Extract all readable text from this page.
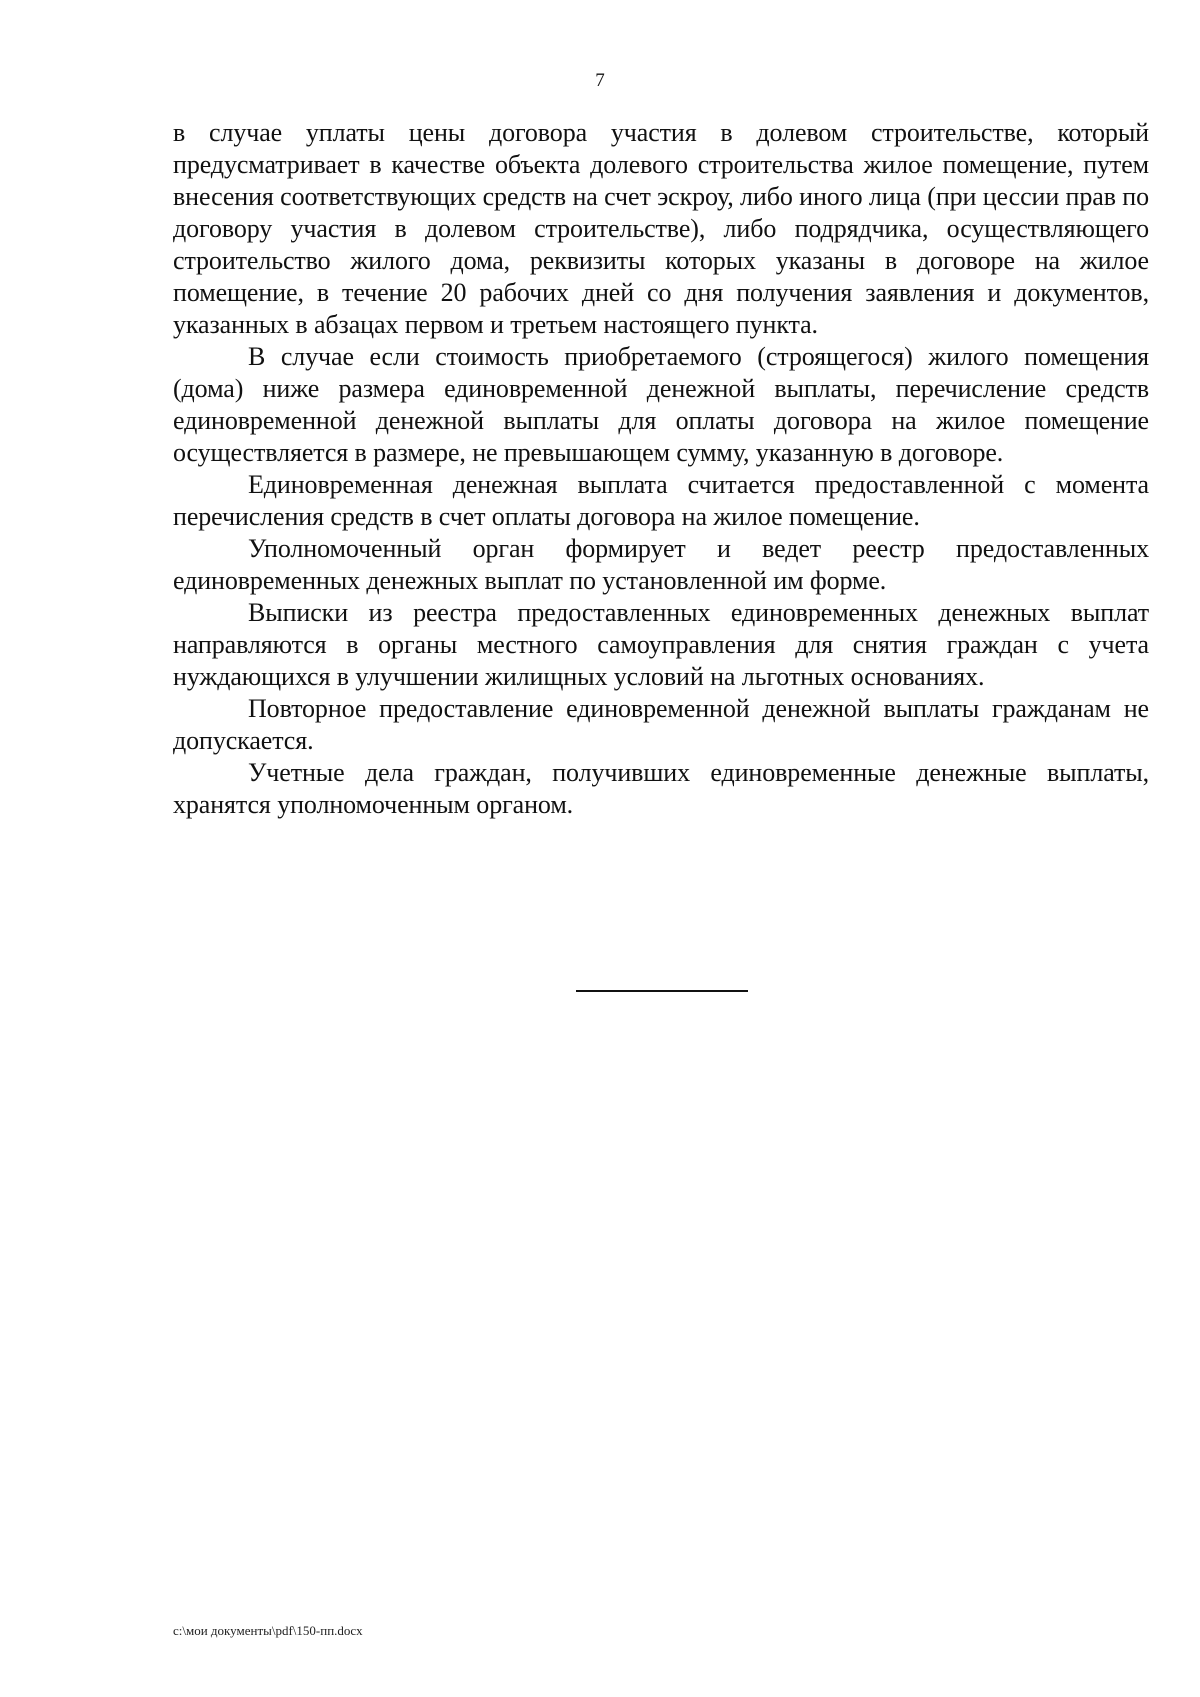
7

в случае уплаты цены договора участия в долевом строительстве, который предусматривает в качестве объекта долевого строительства жилое помещение, путем внесения соответствующих средств на счет эскроу, либо иного лица (при цессии прав по договору участия в долевом строительстве), либо подрядчика, осуществляющего строительство жилого дома, реквизиты которых указаны в договоре на жилое помещение, в течение 20 рабочих дней со дня получения заявления и документов, указанных в абзацах первом и третьем настоящего пункта.

В случае если стоимость приобретаемого (строящегося) жилого помещения (дома) ниже размера единовременной денежной выплаты, перечисление средств единовременной денежной выплаты для оплаты договора на жилое помещение осуществляется в размере, не превышающем сумму, указанную в договоре.

Единовременная денежная выплата считается предоставленной с момента перечисления средств в счет оплаты договора на жилое помещение.

Уполномоченный орган формирует и ведет реестр предоставленных единовременных денежных выплат по установленной им форме.

Выписки из реестра предоставленных единовременных денежных выплат направляются в органы местного самоуправления для снятия граждан с учета нуждающихся в улучшении жилищных условий на льготных основаниях.

Повторное предоставление единовременной денежной выплаты гражданам не допускается.

Учетные дела граждан, получивших единовременные денежные выплаты, хранятся уполномоченным органом.

c:\мои документы\pdf\150-пп.docx
